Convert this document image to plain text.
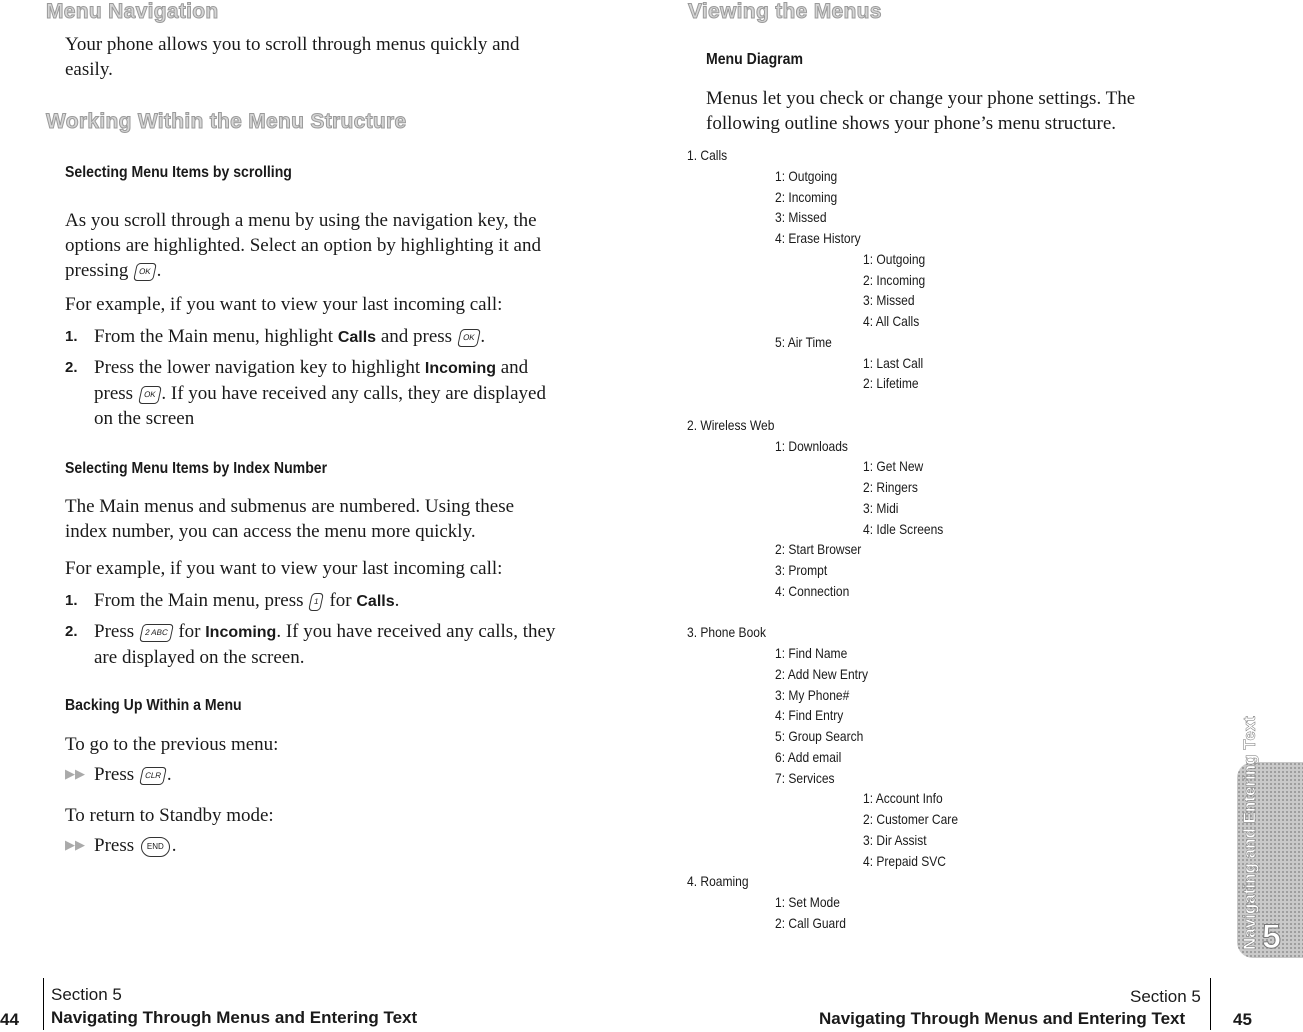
Menu Navigation
Your phone allows you to scroll through menus quickly and easily.
Working Within the Menu Structure
Selecting Menu Items by scrolling
As you scroll through a menu by using the navigation key, the options are highlighted. Select an option by highlighting it and pressing OK .
For example, if you want to view your last incoming call:
1. From the Main menu, highlight Calls and press OK .
2. Press the lower navigation key to highlight Incoming and
press OK . If you have received any calls, they are displayed
on the screen
Selecting Menu Items by Index Number
The Main menus and submenus are numbered. Using these index number, you can access the menu more quickly.
For example, if you want to view your last incoming call:
1. From the Main menu, press 1 for Calls.
2. Press 2 ABC for Incoming. If you have received any calls, they
are displayed on the screen.
Backing Up Within a Menu
To go to the previous menu:
▶▶ Press CLR .
To return to Standby mode:
▶▶ Press END .
44
Section 5
Navigating Through Menus and Entering Text
Viewing the Menus
Menu Diagram
Menus let you check or change your phone settings. The following outline shows your phone’s menu structure.
1. Calls
1: Outgoing
2: Incoming
3: Missed
4: Erase History
1: Outgoing
2: Incoming
3: Missed
4: All Calls
5: Air Time
1: Last Call
2: Lifetime
2. Wireless Web
1: Downloads
1: Get New
2: Ringers
3: Midi
4: Idle Screens
2: Start Browser
3: Prompt
4: Connection
3. Phone Book
1: Find Name
2: Add New Entry
3: My Phone#
4: Find Entry
5: Group Search
6: Add email
7: Services
1: Account Info
2: Customer Care
3: Dir Assist
4: Prepaid SVC
4. Roaming
1: Set Mode
2: Call Guard	Navigating and Entering Text 5
Section 5
Navigating Through Menus and Entering Text	45
